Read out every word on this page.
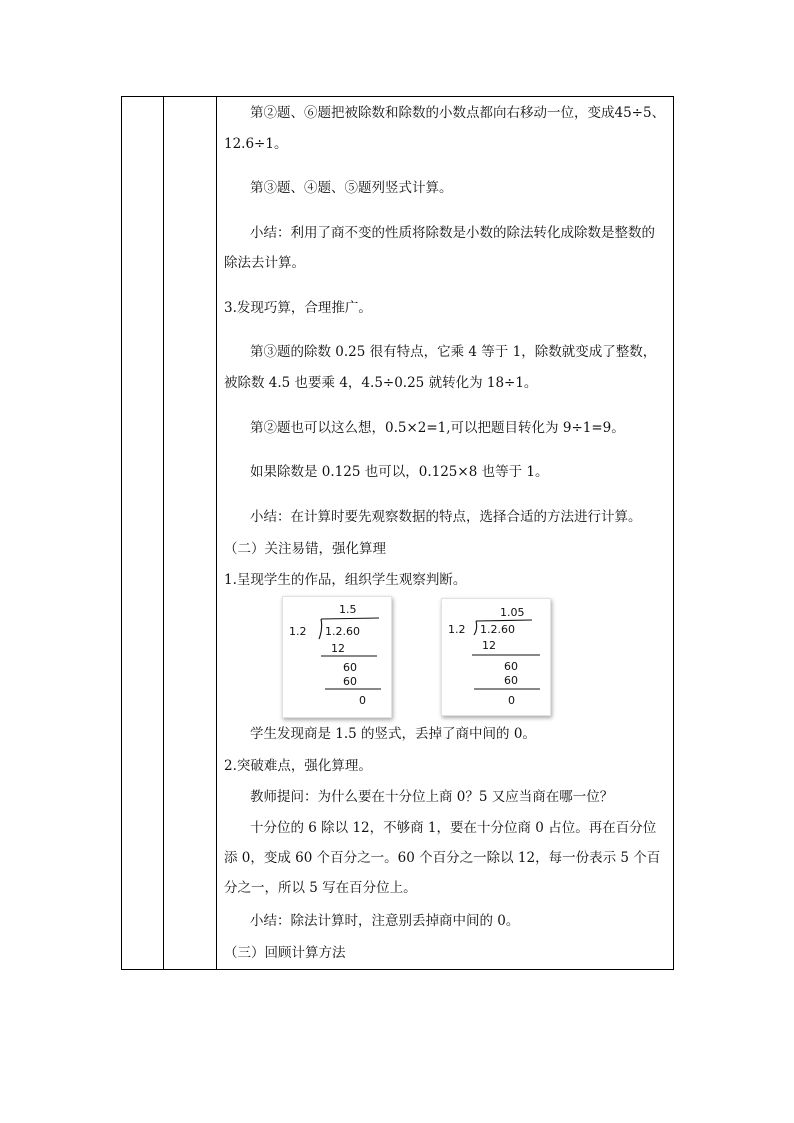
第②题、⑥题把被除数和除数的小数点都向右移动一位，变成45÷5、
12.6÷1。
第③题、④题、⑤题列竖式计算。
小结：利用了商不变的性质将除数是小数的除法转化成除数是整数的
除法去计算。
3.发现巧算，合理推广。
第③题的除数 0.25 很有特点，它乘 4 等于 1，除数就变成了整数，
被除数 4.5 也要乘 4，4.5÷0.25 就转化为 18÷1。
第②题也可以这么想，0.5×2=1,可以把题目转化为 9÷1=9。
如果除数是 0.125 也可以，0.125×8 也等于 1。
小结：在计算时要先观察数据的特点，选择合适的方法进行计算。
（二）关注易错，强化算理
1.呈现学生的作品，组织学生观察判断。
1.5
1.2 1.2.60
12
60
60
0
1.05
1.2 1.2.60
12
60
60
0
学生发现商是 1.5 的竖式，丢掉了商中间的 0。
2.突破难点，强化算理。
教师提问：为什么要在十分位上商 0？5 又应当商在哪一位？
十分位的 6 除以 12，不够商 1，要在十分位商 0 占位。再在百分位
添 0，变成 60 个百分之一。60 个百分之一除以 12，每一份表示 5 个百
分之一，所以 5 写在百分位上。
小结：除法计算时，注意别丢掉商中间的 0。
（三）回顾计算方法
